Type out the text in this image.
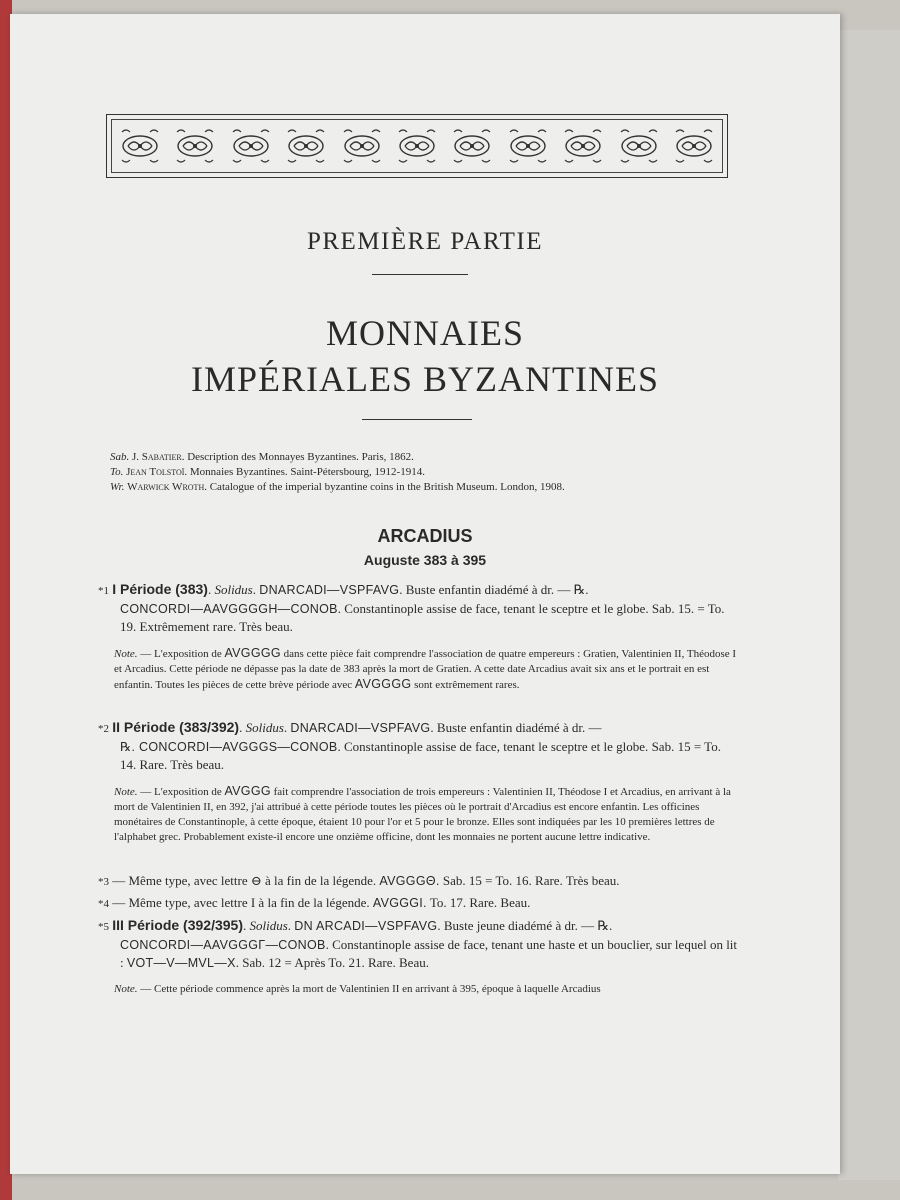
PREMIÈRE PARTIE
MONNAIES
IMPÉRIALES BYZANTINES
Sab. J. Sabatier. Description des Monnayes Byzantines. Paris, 1862.
To. Jean Tolstoï. Monnaies Byzantines. Saint-Pétersbourg, 1912-1914.
Wr. Warwick Wroth. Catalogue of the imperial byzantine coins in the British Museum. London, 1908.
ARCADIUS
Auguste 383 à 395
*1 I Période (383). Solidus. DNARCADI—VSPFAVG. Buste enfantin diadémé à dr. — ℞.
CONCORDI—AAVGGGGH—CONOB. Constantinople assise de face, tenant le sceptre et le globe. Sab. 15. = To. 19. Extrêmement rare. Très beau.
Note. — L'exposition de AVGGGG dans cette pièce fait comprendre l'association de quatre empereurs : Gratien, Valentinien II, Théodose I et Arcadius. Cette période ne dépasse pas la date de 383 après la mort de Gratien. A cette date Arcadius avait six ans et le portrait en est enfantin. Toutes les pièces de cette brève période avec AVGGGG sont extrêmement rares.
*2 II Période (383/392). Solidus. DNARCADI—VSPFAVG. Buste enfantin diadémé à dr. —
℞. CONCORDI—AVGGGS—CONOB. Constantinople assise de face, tenant le sceptre et le globe. Sab. 15 = To. 14. Rare. Très beau.
Note. — L'exposition de AVGGG fait comprendre l'association de trois empereurs : Valentinien II, Théodose I et Arcadius, en arrivant à la mort de Valentinien II, en 392, j'ai attribué à cette période toutes les pièces où le portrait d'Arcadius est encore enfantin. Les officines monétaires de Constantinople, à cette époque, étaient 10 pour l'or et 5 pour le bronze. Elles sont indiquées par les 10 premières lettres de l'alphabet grec. Probablement existe-il encore une onzième officine, dont les monnaies ne portent aucune lettre indicative.
*3 — Même type, avec lettre ⊖ à la fin de la légende. AVGGGΘ. Sab. 15 = To. 16. Rare. Très beau.
*4 — Même type, avec lettre Ι à la fin de la légende. AVGGGI. To. 17. Rare. Beau.
*5 III Période (392/395). Solidus. DN ARCADI—VSPFAVG. Buste jeune diadémé à dr. — ℞.
CONCORDI—AAVGGGΓ—CONOB. Constantinople assise de face, tenant une haste et un bouclier, sur lequel on lit : VOT—V—MVL—X. Sab. 12 = Après To. 21. Rare. Beau.
Note. — Cette période commence après la mort de Valentinien II en arrivant à 395, époque à laquelle Arcadius
